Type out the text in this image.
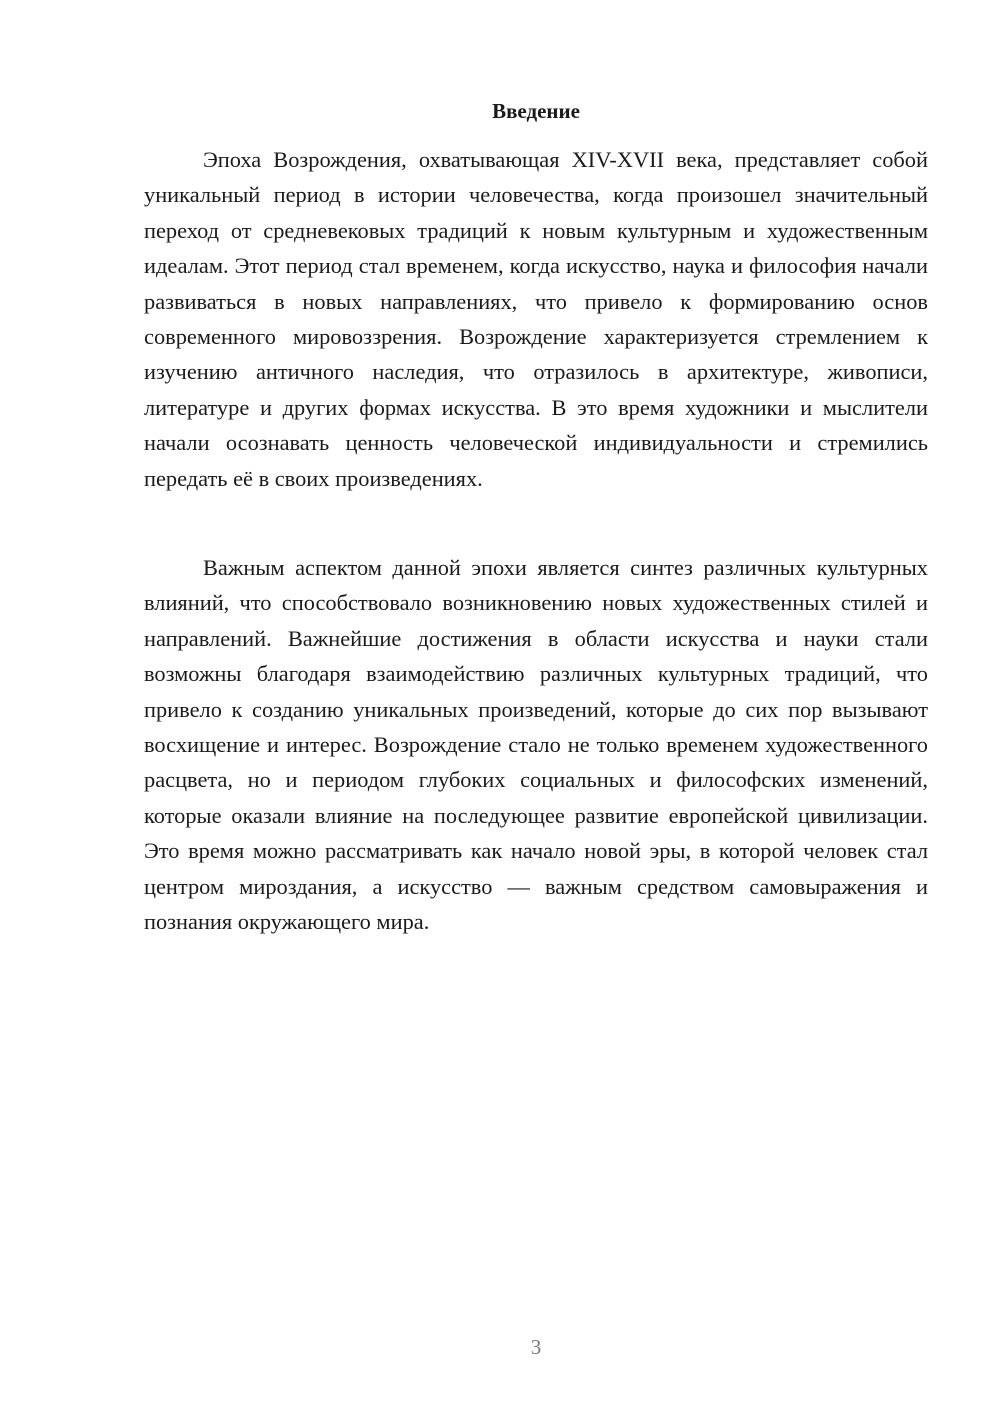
Введение

Эпоха Возрождения, охватывающая XIV-XVII века, представляет собой уникальный период в истории человечества, когда произошел значительный переход от средневековых традиций к новым культурным и художественным идеалам. Этот период стал временем, когда искусство, наука и философия начали развиваться в новых направлениях, что привело к формированию основ современного мировоззрения. Возрождение характеризуется стремлением к изучению античного наследия, что отразилось в архитектуре, живописи, литературе и других формах искусства. В это время художники и мыслители начали осознавать ценность человеческой индивидуальности и стремились передать её в своих произведениях.

Важным аспектом данной эпохи является синтез различных культурных влияний, что способствовало возникновению новых художественных стилей и направлений. Важнейшие достижения в области искусства и науки стали возможны благодаря взаимодействию различных культурных традиций, что привело к созданию уникальных произведений, которые до сих пор вызывают восхищение и интерес. Возрождение стало не только временем художественного расцвета, но и периодом глубоких социальных и философских изменений, которые оказали влияние на последующее развитие европейской цивилизации. Это время можно рассматривать как начало новой эры, в которой человек стал центром мироздания, а искусство — важным средством самовыражения и познания окружающего мира.

3
